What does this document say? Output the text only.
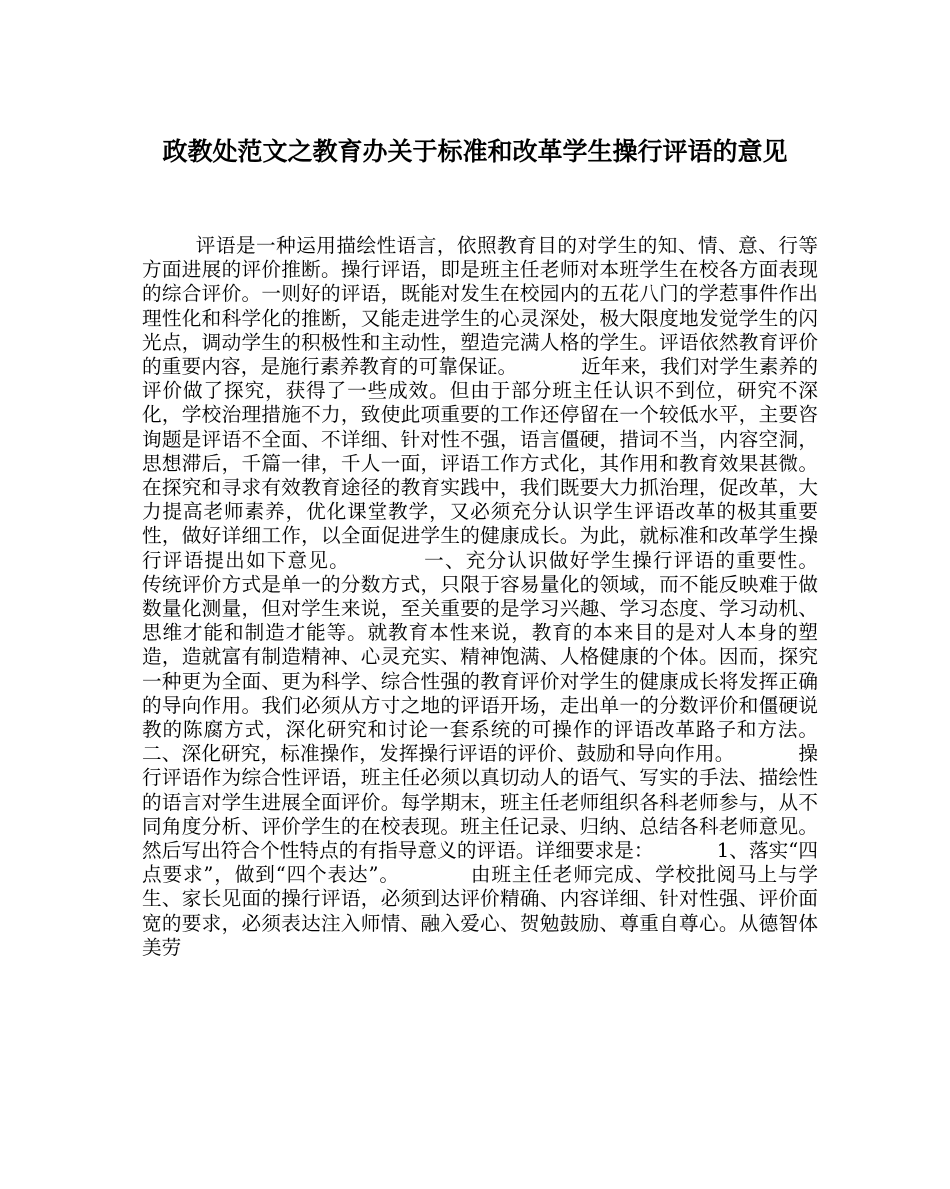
政教处范文之教育办关于标准和改革学生操行评语的意见

评语是一种运用描绘性语言，依照教育目的对学生的知、情、意、行等方面进展的评价推断。操行评语，即是班主任老师对本班学生在校各方面表现的综合评价。一则好的评语，既能对发生在校园内的五花八门的学惹事件作出理性化和科学化的推断，又能走进学生的心灵深处，极大限度地发觉学生的闪光点，调动学生的积极性和主动性，塑造完满人格的学生。评语依然教育评价的重要内容，是施行素养教育的可靠保证。          近年来，我们对学生素养的评价做了探究，获得了一些成效。但由于部分班主任认识不到位，研究不深化，学校治理措施不力，致使此项重要的工作还停留在一个较低水平，主要咨询题是评语不全面、不详细、针对性不强，语言僵硬，措词不当，内容空洞，思想滞后，千篇一律，千人一面，评语工作方式化，其作用和教育效果甚微。          在探究和寻求有效教育途径的教育实践中，我们既要大力抓治理，促改革，大力提高老师素养，优化课堂教学，又必须充分认识学生评语改革的极其重要性，做好详细工作，以全面促进学生的健康成长。为此，就标准和改革学生操行评语提出如下意见。          一、充分认识做好学生操行评语的重要性。          传统评价方式是单一的分数方式，只限于容易量化的领域，而不能反映难于做数量化测量，但对学生来说，至关重要的是学习兴趣、学习态度、学习动机、思维才能和制造才能等。就教育本性来说，教育的本来目的是对人本身的塑造，造就富有制造精神、心灵充实、精神饱满、人格健康的个体。因而，探究一种更为全面、更为科学、综合性强的教育评价对学生的健康成长将发挥正确的导向作用。我们必须从方寸之地的评语开场，走出单一的分数评价和僵硬说教的陈腐方式，深化研究和讨论一套系统的可操作的评语改革路子和方法。          二、深化研究，标准操作，发挥操行评语的评价、鼓励和导向作用。          操行评语作为综合性评语，班主任必须以真切动人的语气、写实的手法、描绘性的语言对学生进展全面评价。每学期末，班主任老师组织各科老师参与，从不同角度分析、评价学生的在校表现。班主任记录、归纳、总结各科老师意见。然后写出符合个性特点的有指导意义的评语。详细要求是：          1、落实“四点要求”，做到“四个表达”。          由班主任老师完成、学校批阅马上与学生、家长见面的操行评语，必须到达评价精确、内容详细、针对性强、评价面宽的要求，必须表达注入师情、融入爱心、贺勉鼓励、尊重自尊心。从德智体美劳
